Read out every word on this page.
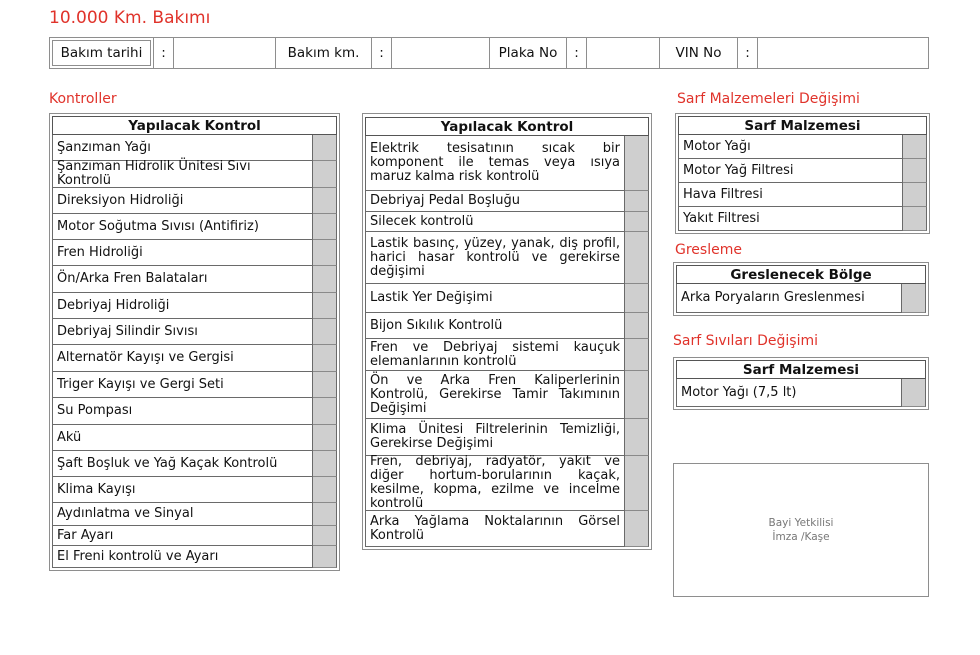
10.000 Km. Bakımı
Bakım tarihi	:	Bakım km. :	Plaka No :	VIN No :
Kontroller	Sarf Malzemeleri Değişimi
Gresleme
Sarf Sıvıları Değişimi
Yapılacak Kontrol
Şanzıman Yağı
Şanzıman Hidrolik Ünitesi Sıvı Kontrolü
Direksiyon Hidroliği
Motor Soğutma Sıvısı (Antifiriz)
Fren Hidroliği
Ön/Arka Fren Balataları
Debriyaj Hidroliği
Debriyaj Silindir Sıvısı
Alternatör Kayışı ve Gergisi
Triger Kayışı ve Gergi Seti
Su Pompası
Akü
Şaft Boşluk ve Yağ Kaçak Kontrolü
Klima Kayışı
Aydınlatma ve Sinyal
Far Ayarı
El Freni kontrolü ve Ayarı
Yapılacak Kontrol
Elektrik tesisatının sıcak bir komponent ile temas veya ısıya maruz kalma risk kontrolü
Debriyaj Pedal Boşluğu
Silecek kontrolü
Lastik basınç, yüzey, yanak, diş profil, harici hasar kontrolü ve gerekirse değişimi
Lastik Yer Değişimi
Bijon Sıkılık Kontrolü
Fren ve Debriyaj sistemi kauçuk elemanlarının kontrolü
Ön ve Arka Fren Kaliperlerinin Kontrolü, Gerekirse Tamir Takımının Değişimi
Klima Ünitesi Filtrelerinin Temizliği, Gerekirse Değişimi
Fren, debriyaj, radyatör, yakıt ve diğer hortum-borularının kaçak, kesilme, kopma, ezilme ve incelme kontrolü
Arka Yağlama Noktalarının Görsel Kontrolü
Sarf Malzemesi
Motor Yağı
Motor Yağ Filtresi
Hava Filtresi
Yakıt Filtresi
Greslenecek Bölge
Arka Poryaların Greslenmesi
Sarf Malzemesi
Motor Yağı (7,5 lt)
Bayi Yetkilisi
İmza /Kaşe
